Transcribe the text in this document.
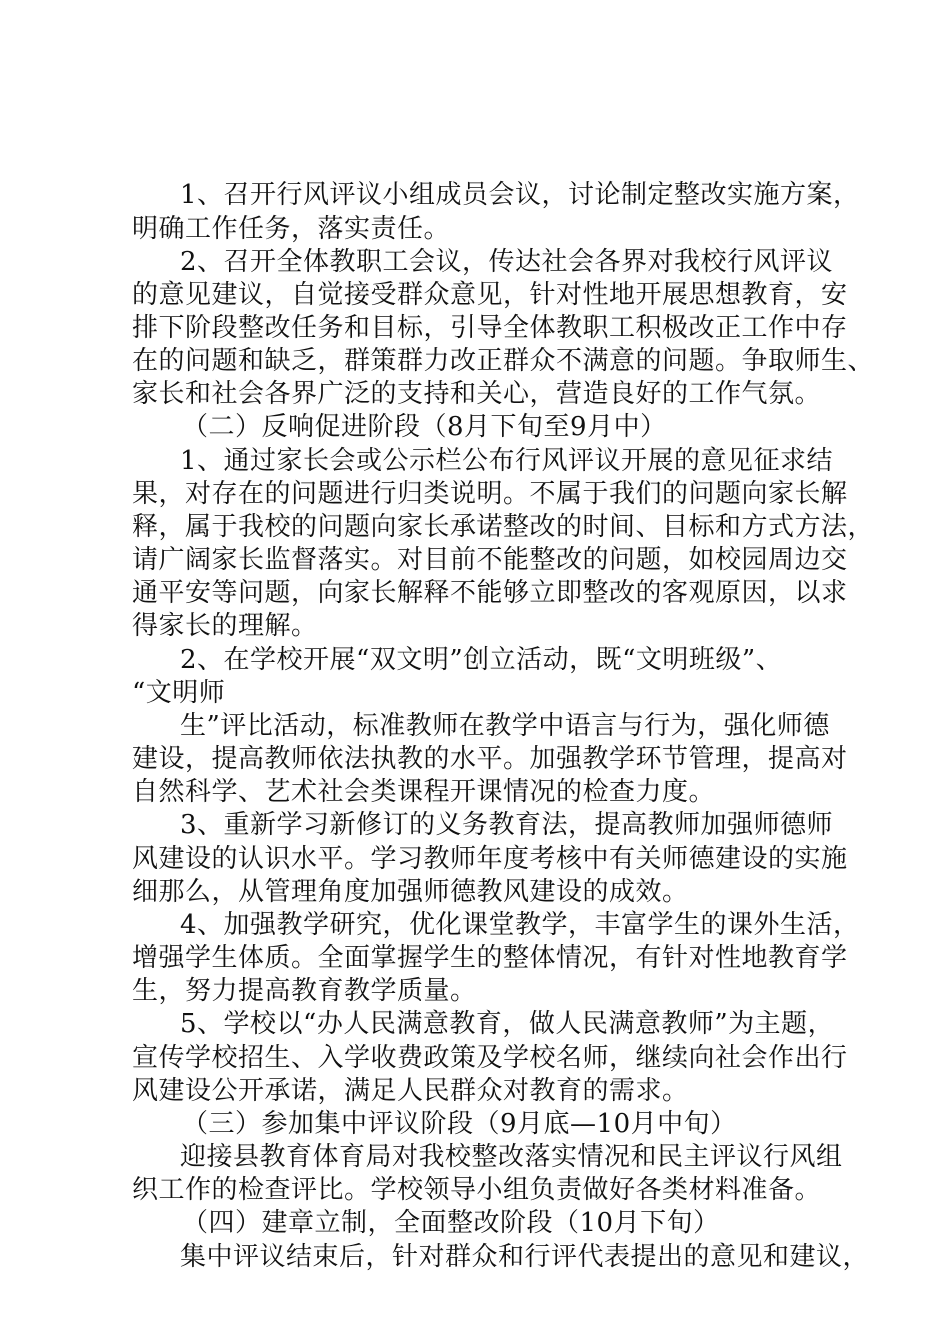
1、召开行风评议小组成员会议，讨论制定整改实施方案，
明确工作任务，落实责任。
2、召开全体教职工会议，传达社会各界对我校行风评议
的意见建议，自觉接受群众意见，针对性地开展思想教育，安
排下阶段整改任务和目标，引导全体教职工积极改正工作中存
在的问题和缺乏，群策群力改正群众不满意的问题。争取师生、
家长和社会各界广泛的支持和关心，营造良好的工作气氛。
（二）反响促进阶段（8月下旬至9月中）
1、通过家长会或公示栏公布行风评议开展的意见征求结
果，对存在的问题进行归类说明。不属于我们的问题向家长解
释，属于我校的问题向家长承诺整改的时间、目标和方式方法，
请广阔家长监督落实。对目前不能整改的问题，如校园周边交
通平安等问题，向家长解释不能够立即整改的客观原因，以求
得家长的理解。
2、在学校开展“双文明”创立活动，既“文明班级”、
“文明师
生”评比活动，标准教师在教学中语言与行为，强化师德
建设，提高教师依法执教的水平。加强教学环节管理，提高对
自然科学、艺术社会类课程开课情况的检查力度。
3、重新学习新修订的义务教育法，提高教师加强师德师
风建设的认识水平。学习教师年度考核中有关师德建设的实施
细那么，从管理角度加强师德教风建设的成效。
4、加强教学研究，优化课堂教学，丰富学生的课外生活，
增强学生体质。全面掌握学生的整体情况，有针对性地教育学
生，努力提高教育教学质量。
5、学校以“办人民满意教育，做人民满意教师”为主题，
宣传学校招生、入学收费政策及学校名师，继续向社会作出行
风建设公开承诺，满足人民群众对教育的需求。
（三）参加集中评议阶段（9月底—10月中旬）
迎接县教育体育局对我校整改落实情况和民主评议行风组
织工作的检查评比。学校领导小组负责做好各类材料准备。
（四）建章立制，全面整改阶段（10月下旬）
集中评议结束后，针对群众和行评代表提出的意见和建议，
